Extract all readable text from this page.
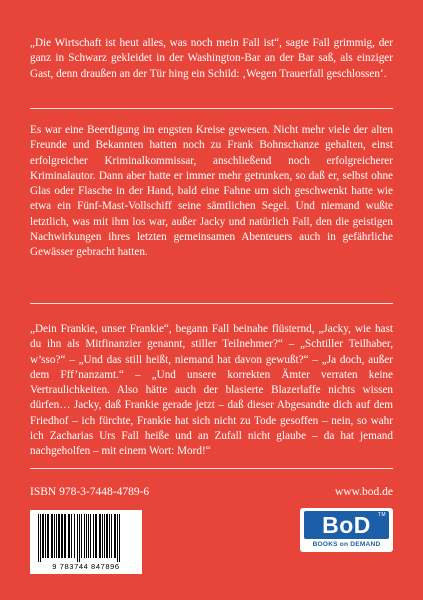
„Die Wirtschaft ist heut alles, was noch mein Fall ist“, sagte Fall grimmig, der ganz in Schwarz gekleidet in der Washington-Bar an der Bar saß, als einziger Gast, denn draußen an der Tür hing ein Schild: ‚Wegen Trauerfall geschlossen‘.

Es war eine Beerdigung im engsten Kreise gewesen. Nicht mehr viele der alten Freunde und Bekannten hatten noch zu Frank Bohnschanze gehalten, einst erfolgreicher Kriminalkommissar, anschließend noch erfolgreicherer Kriminalautor. Dann aber hatte er immer mehr getrunken, so daß er, selbst ohne Glas oder Flasche in der Hand, bald eine Fahne um sich geschwenkt hatte wie etwa ein Fünf-Mast-Vollschiff seine sämtlichen Segel. Und niemand wußte letztlich, was mit ihm los war, außer Jacky und natürlich Fall, den die geistigen Nachwirkungen ihres letzten gemeinsamen Abenteuers auch in gefährliche Gewässer gebracht hatten.

„Dein Frankie, unser Frankie“, begann Fall beinahe flüsternd, „Jacky, wie hast du ihn als Mitfinanzier genannt, stiller Teilnehmer?“ – „Schtiller Teilhaber, w’sso?“ – „Und das still heißt, niemand hat davon gewußt?“ – „Ja doch, außer dem Fff’nanzamt.“ – „Und unsere korrekten Ämter verraten keine Vertraulichkeiten. Also hätte auch der blasierte Blazerlaffe nichts wissen dürfen… Jacky, daß Frankie gerade jetzt – daß dieser Abgesandte dich auf dem Friedhof – ich fürchte, Frankie hat sich nicht zu Tode gesoffen – nein, so wahr ich Zacharias Urs Fall heiße und an Zufall nicht glaube – da hat jemand nachgeholfen – mit einem Wort: Mord!“

ISBN 978-3-7448-4789-6	www.bod.de
9 783744 847896
BoD TM
BOOKS on DEMAND
